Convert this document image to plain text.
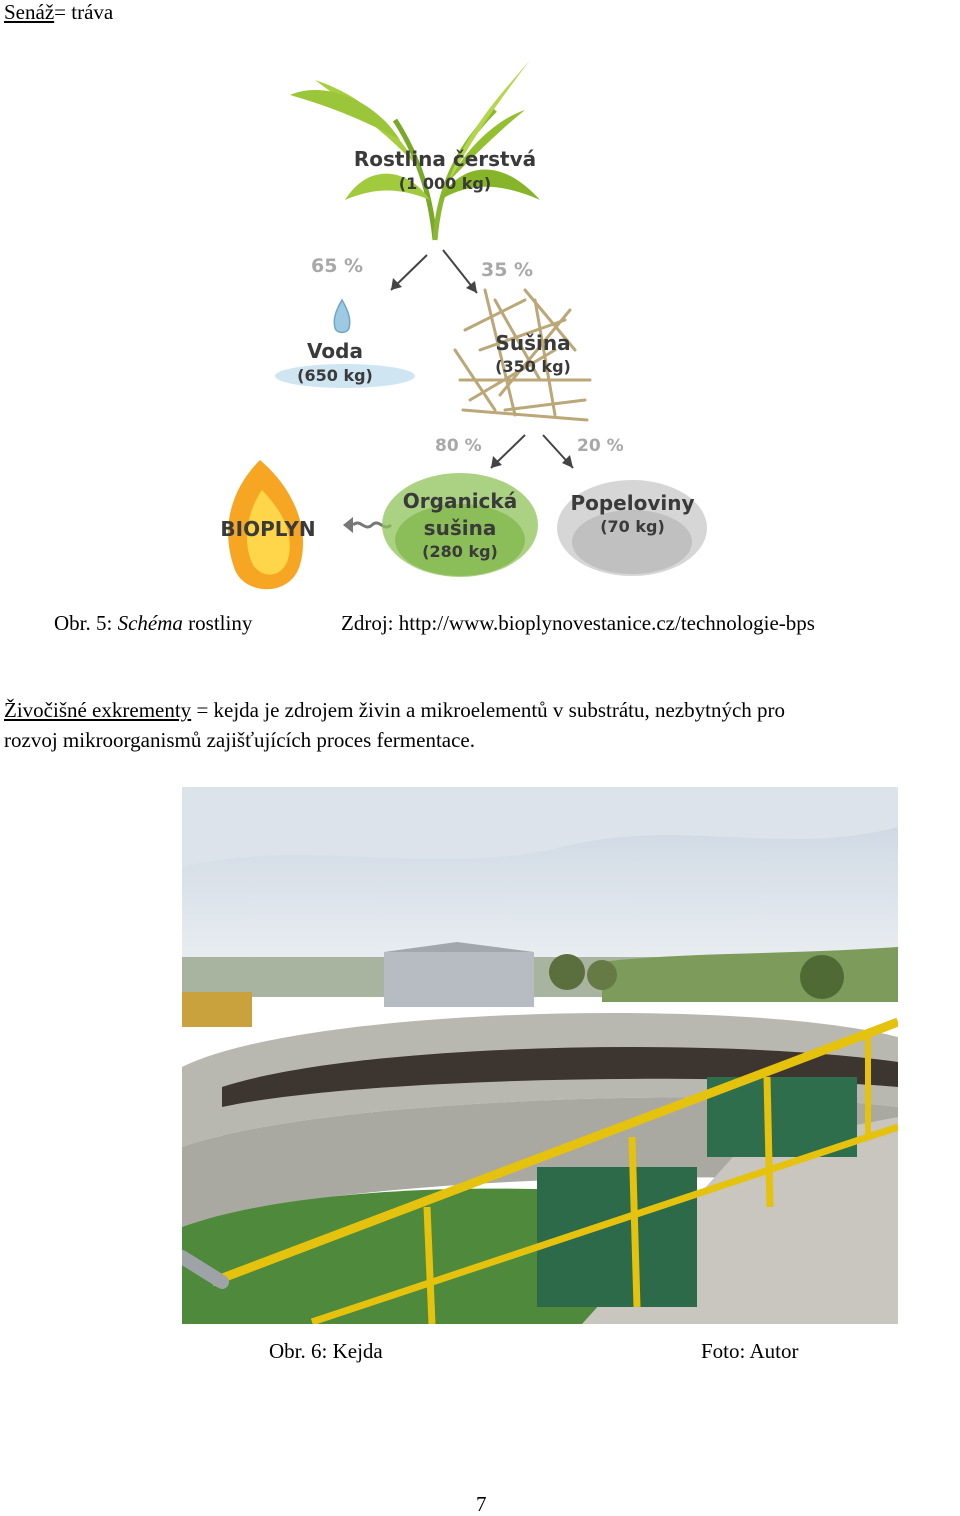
Senáž= tráva
Rostlina čerstvá
(1 000 kg)
65 %	35 %
Voda
(650 kg)
Sušina
(350 kg)
80 %	20 %
BIOPLYN
Organická
sušina
(280 kg)
Popeloviny
(70 kg)
Obr. 5: Schéma rostliny	Zdroj: http://www.bioplynovestanice.cz/technologie-bps
Živočišné exkrementy = kejda je zdrojem živin a mikroelementů v substrátu, nezbytných pro
rozvoj mikroorganismů zajišťujících proces fermentace.
Obr. 6: Kejda	Foto: Autor
7
